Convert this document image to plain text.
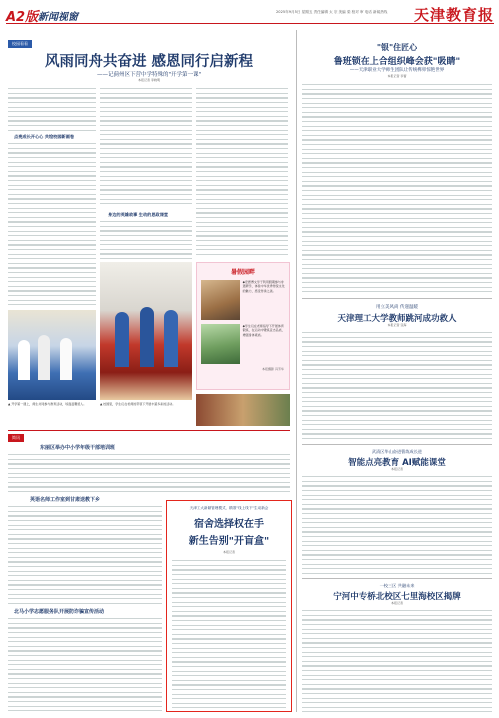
A2版 新闻视窗	2025年9月5日 星期五 责任编辑 太 宗 美编 梁 校对 审 电话 新闻热线 天津教育报
校园看看
风雨同舟共奋进 感恩同行启新程
——记蓟州区下营中学特殊的"开学第一课"
本报记者 李晓明
点亮成长开心心 共绘校园新画卷
身边的英雄故事 生动的思政课堂
暑假园畔
◆宏德博文学子利用假期参与非遗研学，体验中华优秀传统文化的魅力，感受传承之美。
◆学生们在老师指导下开展体育锻炼，在运动中锤炼意志品质，增强身体素质。
本报摄影 冯芳华
▲ 开学第一课上，师生共同参与教育活动，场面温馨感人。	▲ 校园里，学生们在老师的带领下开展丰富多彩的活动。
"银"住匠心
鲁班锁在上合组织峰会获"吸睛"
——天津职业大学师生团队让传统榫卯惊艳世界
本报记者 李蕾
用立美风尚 传递温暖
天津理工大学教师跳河成功救人
本报记者 张海
武清区华山奋进曹练成长进
智能点亮教育 AI赋能课堂
本报记者
一校三区 共融未来
宁河中专桥北校区七里海校区揭牌
本报记者
简讯
东丽区举办中小学年级干部培训班
英语名师工作室到甘肃送教下乡
北马小学志愿服务队开展防诈骗宣传活动
天津工大新颖管理模式，精准"线上线下"生动新会
宿舍选择权在手
新生告别"开盲盒"
本报记者
